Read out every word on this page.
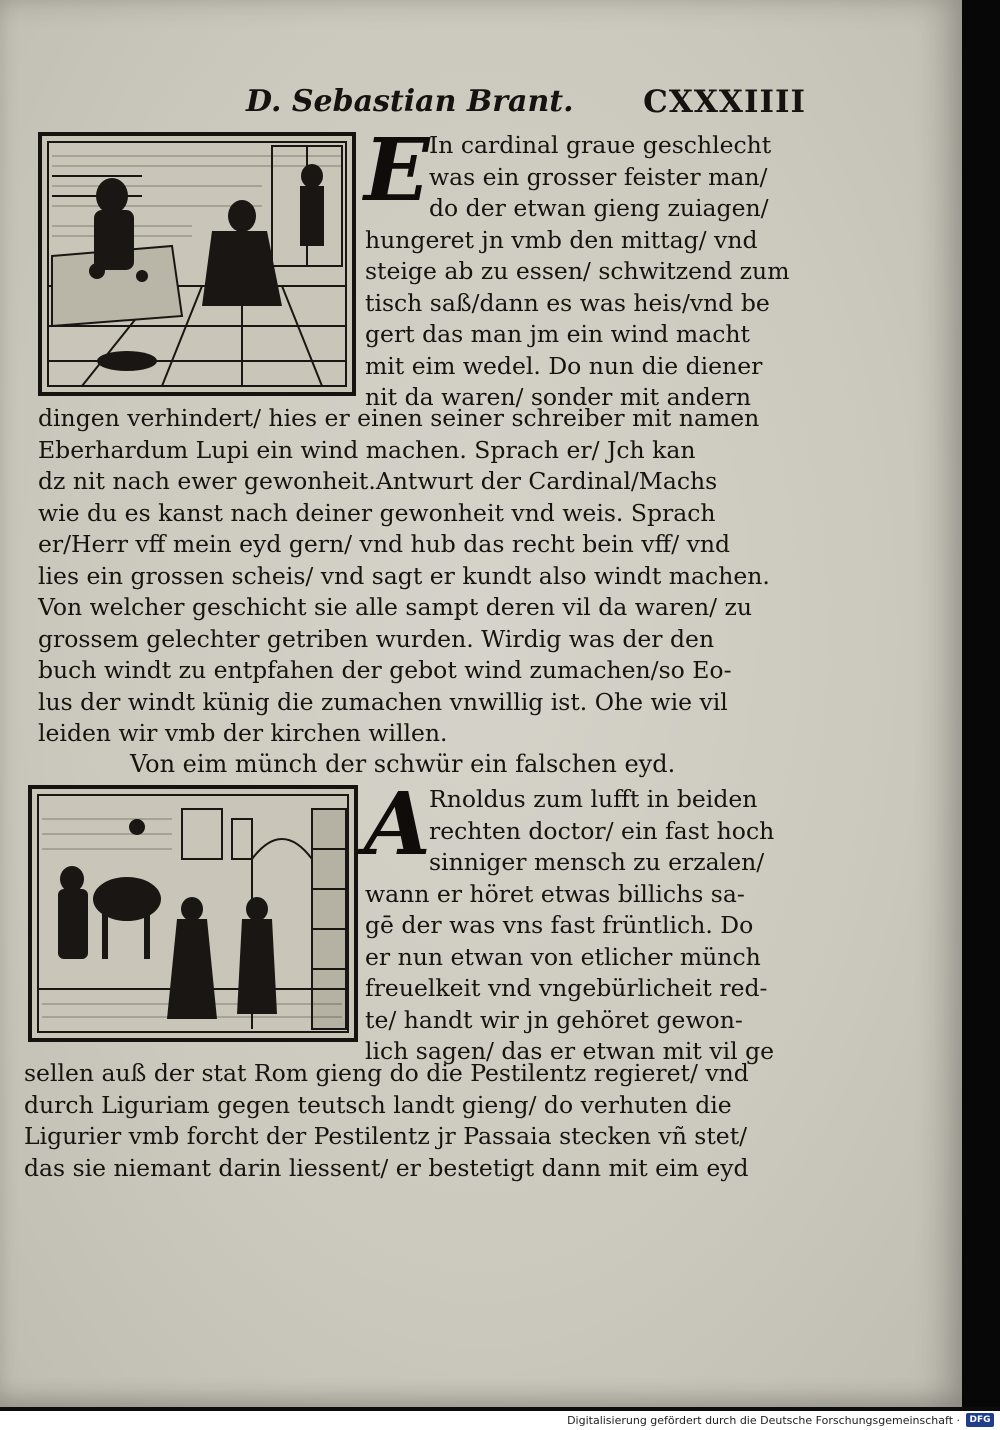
D. Sebastian Brant. CXXXIIII
E In cardinal graue geschlecht

was ein grosser feister man/

do der etwan gieng zuiagen/

hungeret jn vmb den mittag/ vnd

steige ab zu essen/ schwitzend zum

tisch saß/dann es was heis/vnd be

gert das man jm ein wind macht

mit eim wedel. Do nun die diener

nit da waren/ sonder mit andern

dingen verhindert/ hies er einen seiner schreiber mit namen

Eberhardum Lupi ein wind machen. Sprach er/ Jch kan

dz nit nach ewer gewonheit.Antwurt der Cardinal/Machs

wie du es kanst nach deiner gewonheit vnd weis. Sprach

er/Herr vff mein eyd gern/ vnd hub das recht bein vff/ vnd

lies ein grossen scheis/ vnd sagt er kundt also windt machen.

Von welcher geschicht sie alle sampt deren vil da waren/ zu

grossem gelechter getriben wurden. Wirdig was der den

buch windt zu entpfahen der gebot wind zumachen/so Eo-

lus der windt künig die zumachen vnwillig ist. Ohe wie vil

leiden wir vmb der kirchen willen.

Von eim münch der schwür ein falschen eyd.
A

Rnoldus zum lufft in beiden

rechten doctor/ ein fast hoch

sinniger mensch zu erzalen/

wann er höret etwas billichs sa-

gē der was vns fast früntlich. Do

er nun etwan von etlicher münch

freuelkeit vnd vngebürlicheit red-

te/ handt wir jn gehöret gewon-

lich sagen/ das er etwan mit vil ge

sellen auß der stat Rom gieng do die Pestilentz regieret/ vnd

durch Liguriam gegen teutsch landt gieng/ do verhuten die

Ligurier vmb forcht der Pestilentz jr Passaia stecken vñ stet/

das sie niemant darin liessent/ er bestetigt dann mit eim eyd

Digitalisierung gefördert durch die Deutsche Forschungsgemeinschaft ·	DFG
